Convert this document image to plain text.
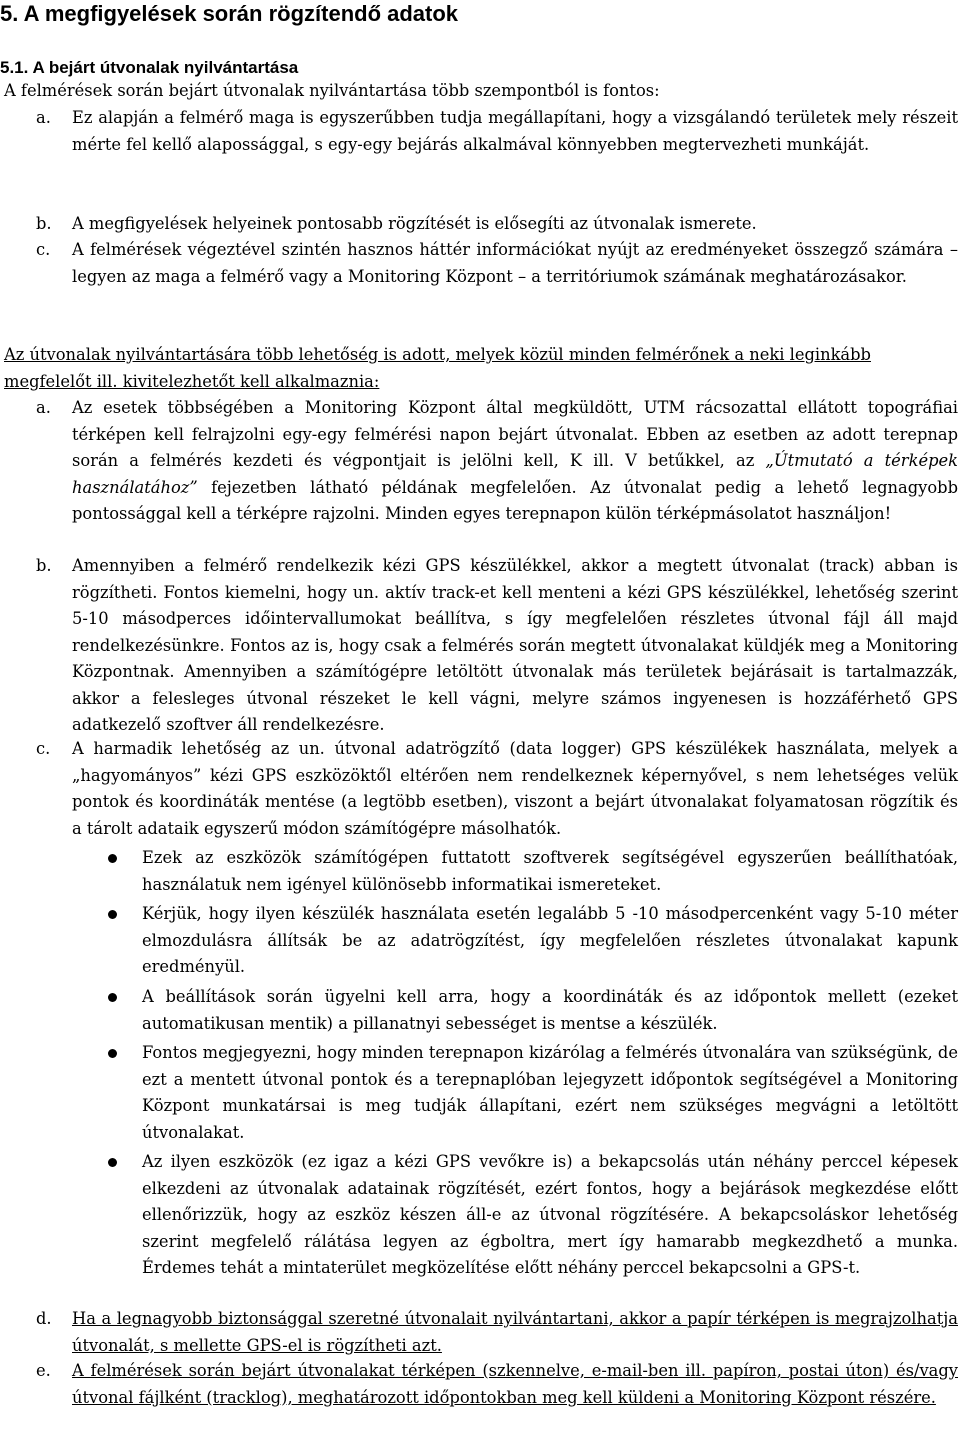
5. A megfigyelések során rögzítendő adatok
5.1. A bejárt útvonalak nyilvántartása
A felmérések során bejárt útvonalak nyilvántartása több szempontból is fontos:
a.	Ez alapján a felmérő maga is egyszerűbben tudja megállapítani, hogy a vizsgálandó területek mely részeit mérte fel kellő alapossággal, s egy-egy bejárás alkalmával könnyebben megtervezheti munkáját.
b.	A megfigyelések helyeinek pontosabb rögzítését is elősegíti az útvonalak ismerete.
c.	A felmérések végeztével szintén hasznos háttér információkat nyújt az eredményeket összegző számára – legyen az maga a felmérő vagy a Monitoring Központ – a territóriumok számának meghatározásakor.
Az útvonalak nyilvántartására több lehetőség is adott, melyek közül minden felmérőnek a neki leginkább megfelelőt ill. kivitelezhetőt kell alkalmaznia:
a.	Az esetek többségében a Monitoring Központ által megküldött, UTM rácsozattal ellátott topográfiai térképen kell felrajzolni egy-egy felmérési napon bejárt útvonalat. Ebben az esetben az adott terepnap során a felmérés kezdeti és végpontjait is jelölni kell, K ill. V betűkkel, az „Útmutató a térképek használatához” fejezetben látható példának megfelelően. Az útvonalat pedig a lehető legnagyobb pontossággal kell a térképre rajzolni. Minden egyes terepnapon külön térképmásolatot használjon!
b.	Amennyiben a felmérő rendelkezik kézi GPS készülékkel, akkor a megtett útvonalat (track) abban is rögzítheti. Fontos kiemelni, hogy un. aktív track-et kell menteni a kézi GPS készülékkel, lehetőség szerint 5-10 másodperces időintervallumokat beállítva, s így megfelelően részletes útvonal fájl áll majd rendelkezésünkre. Fontos az is, hogy csak a felmérés során megtett útvonalakat küldjék meg a Monitoring Központnak. Amennyiben a számítógépre letöltött útvonalak más területek bejárásait is tartalmazzák, akkor a felesleges útvonal részeket le kell vágni, melyre számos ingyenesen is hozzáférhető GPS adatkezelő szoftver áll rendelkezésre.
c.	A harmadik lehetőség az un. útvonal adatrögzítő (data logger) GPS készülékek használata, melyek a „hagyományos” kézi GPS eszközöktől eltérően nem rendelkeznek képernyővel, s nem lehetséges velük pontok és koordináták mentése (a legtöbb esetben), viszont a bejárt útvonalakat folyamatosan rögzítik és a tárolt adataik egyszerű módon számítógépre másolhatók.
Ezek az eszközök számítógépen futtatott szoftverek segítségével egyszerűen beállíthatóak, használatuk nem igényel különösebb informatikai ismereteket.
Kérjük, hogy ilyen készülék használata esetén legalább 5 -10 másodpercenként vagy 5-10 méter elmozdulásra állítsák be az adatrögzítést, így megfelelően részletes útvonalakat kapunk eredményül.
A beállítások során ügyelni kell arra, hogy a koordináták és az időpontok mellett (ezeket automatikusan mentik) a pillanatnyi sebességet is mentse a készülék.
Fontos megjegyezni, hogy minden terepnapon kizárólag a felmérés útvonalára van szükségünk, de ezt a mentett útvonal pontok és a terepnaplóban lejegyzett időpontok segítségével a Monitoring Központ munkatársai is meg tudják állapítani, ezért nem szükséges megvágni a letöltött útvonalakat.
Az ilyen eszközök (ez igaz a kézi GPS vevőkre is) a bekapcsolás után néhány perccel képesek elkezdeni az útvonalak adatainak rögzítését, ezért fontos, hogy a bejárások megkezdése előtt ellenőrizzük, hogy az eszköz készen áll-e az útvonal rögzítésére. A bekapcsoláskor lehetőség szerint megfelelő rálátása legyen az égboltra, mert így hamarabb megkezdhető a munka. Érdemes tehát a mintaterület megközelítése előtt néhány perccel bekapcsolni a GPS-t.
d.	Ha a legnagyobb biztonsággal szeretné útvonalait nyilvántartani, akkor a papír térképen is megrajzolhatja útvonalát, s mellette GPS-el is rögzítheti azt.
e.	A felmérések során bejárt útvonalakat térképen (szkennelve, e-mail-ben ill. papíron, postai úton) és/vagy útvonal fájlként (tracklog), meghatározott időpontokban meg kell küldeni a Monitoring Központ részére.
